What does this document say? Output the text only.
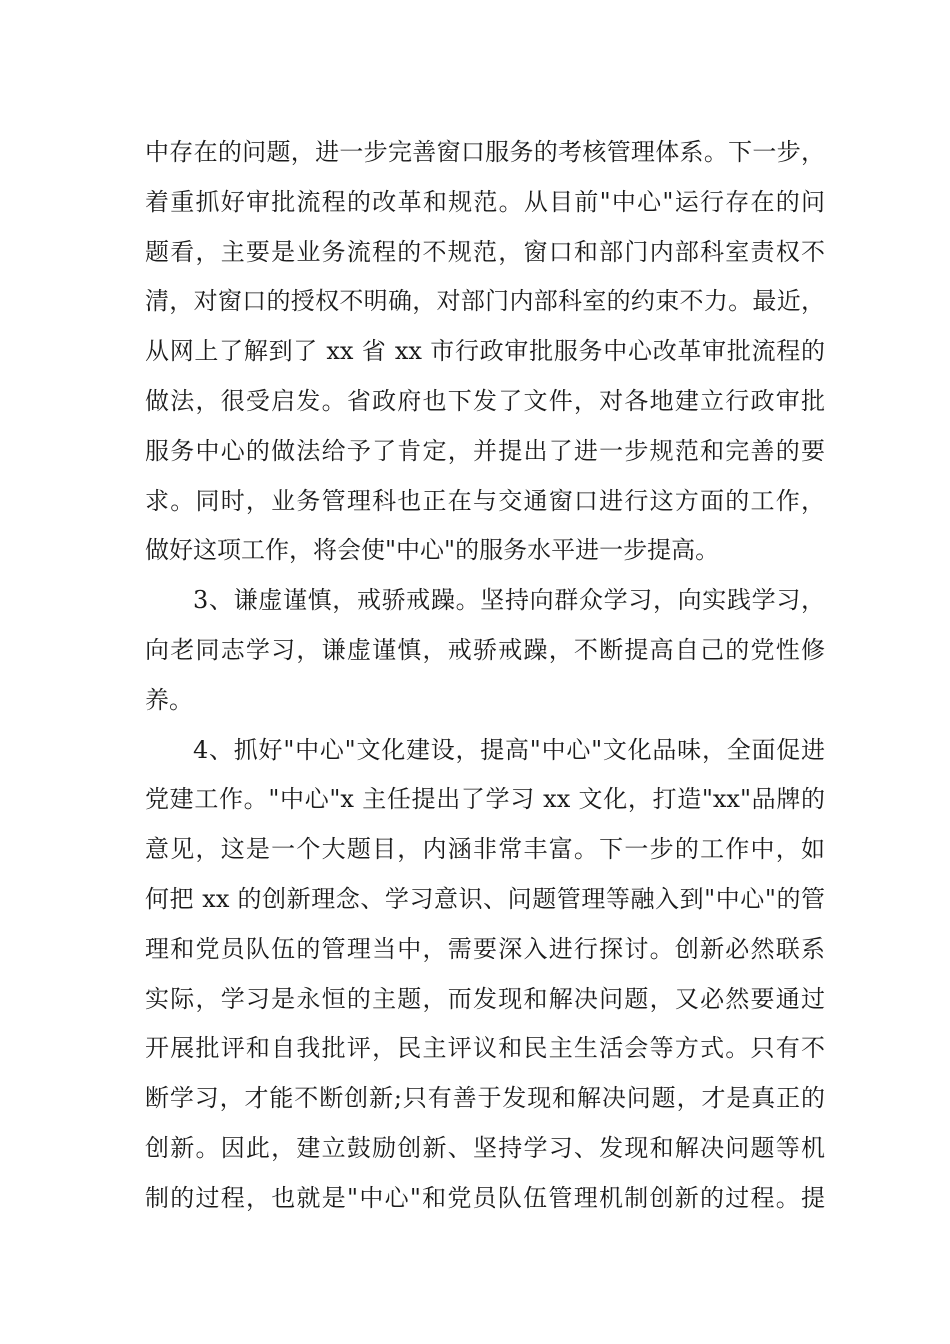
中存在的问题，进一步完善窗口服务的考核管理体系。下一步，
着重抓好审批流程的改革和规范。从目前"中心"运行存在的问
题看，主要是业务流程的不规范，窗口和部门内部科室责权不
清，对窗口的授权不明确，对部门内部科室的约束不力。最近，
从网上了解到了 xx 省 xx 市行政审批服务中心改革审批流程的
做法，很受启发。省政府也下发了文件，对各地建立行政审批
服务中心的做法给予了肯定，并提出了进一步规范和完善的要
求。同时，业务管理科也正在与交通窗口进行这方面的工作，
做好这项工作，将会使"中心"的服务水平进一步提高。
3、谦虚谨慎，戒骄戒躁。坚持向群众学习，向实践学习，
向老同志学习，谦虚谨慎，戒骄戒躁，不断提高自己的党性修
养。
4、抓好"中心"文化建设，提高"中心"文化品味，全面促进
党建工作。"中心"x 主任提出了学习 xx 文化，打造"xx"品牌的
意见，这是一个大题目，内涵非常丰富。下一步的工作中，如
何把 xx 的创新理念、学习意识、问题管理等融入到"中心"的管
理和党员队伍的管理当中，需要深入进行探讨。创新必然联系
实际，学习是永恒的主题，而发现和解决问题，又必然要通过
开展批评和自我批评，民主评议和民主生活会等方式。只有不
断学习，才能不断创新;只有善于发现和解决问题，才是真正的
创新。因此，建立鼓励创新、坚持学习、发现和解决问题等机
制的过程，也就是"中心"和党员队伍管理机制创新的过程。提
